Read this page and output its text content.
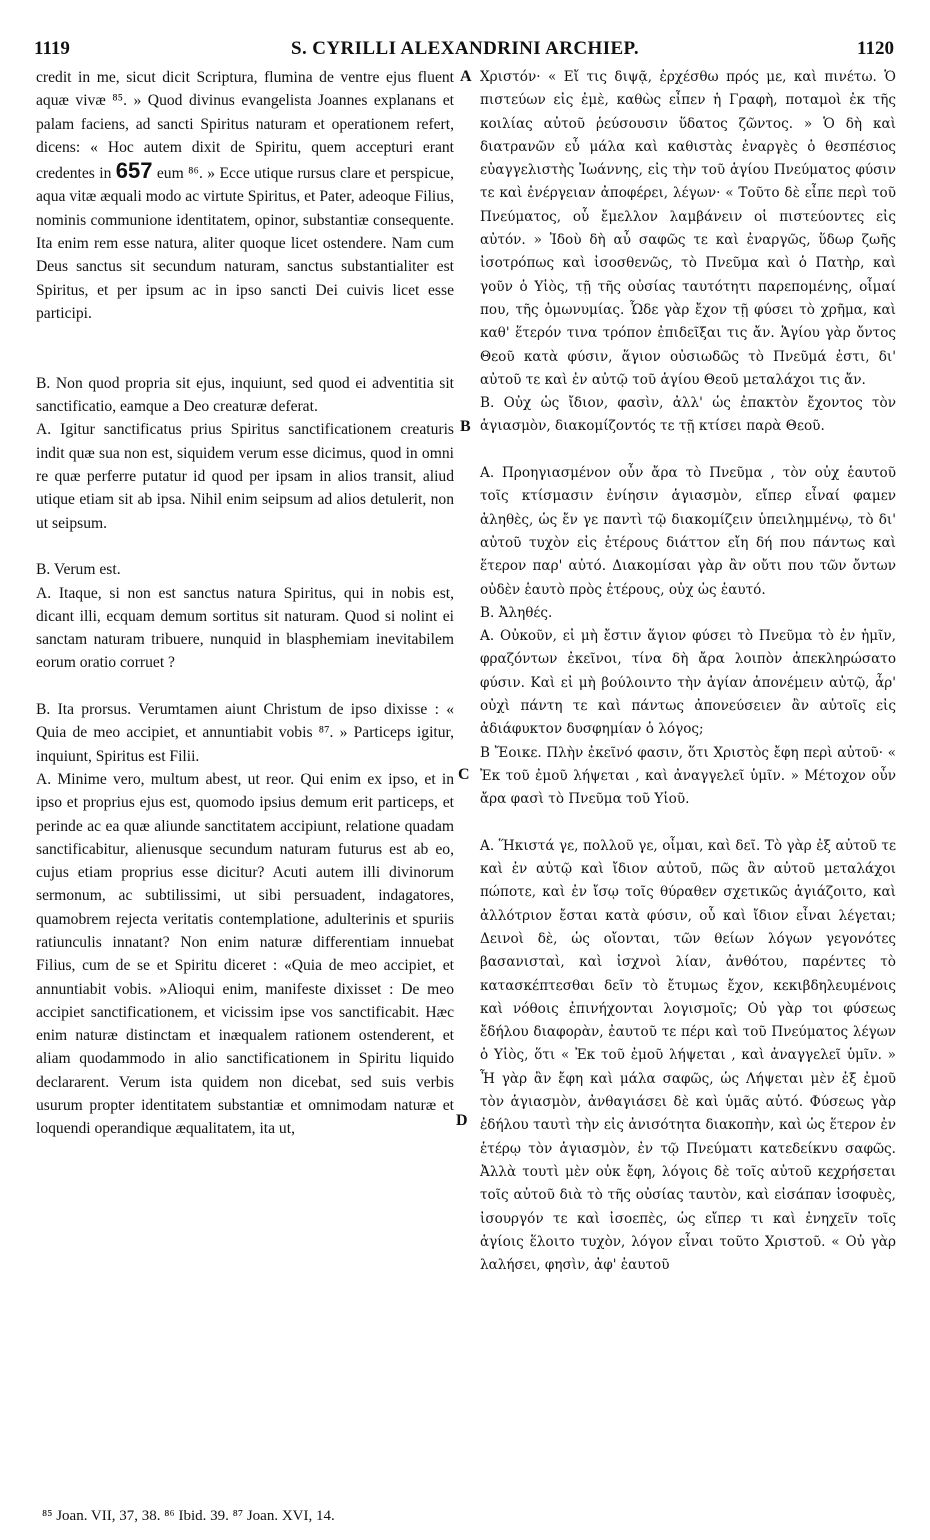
1119	S. CYRILLI ALEXANDRINI ARCHIEP.	1120
A
B
C
D

credit in me, sicut dicit Scriptura, flumina de ventre ejus fluent aquæ vivæ ⁸⁵. » Quod divinus evangelista Joannes explanans et palam faciens, ad sancti Spiritus naturam et operationem refert, dicens: « Hoc autem dixit de Spiritu, quem accepturi erant credentes in 657 eum ⁸⁶. » Ecce utique rursus clare et perspicue, aqua vitæ æquali modo ac virtute Spiritus, et Pater, adeoque Filius, nominis communione identitatem, opinor, substantiæ consequente. Ita enim rem esse natura, aliter quoque licet ostendere. Nam cum Deus sanctus sit secundum naturam, sanctus substantialiter est Spiritus, et per ipsum ac in ipso sancti Dei cuivis licet esse participi.

B. Non quod propria sit ejus, inquiunt, sed quod ei adventitia sit sanctificatio, eamque a Deo creaturæ deferat.

A. Igitur sanctificatus prius Spiritus sanctificationem creaturis indit quæ sua non est, siquidem verum esse dicimus, quod in omni re quæ perferre putatur id quod per ipsam in alios transit, aliud utique etiam sit ab ipsa. Nihil enim seipsum ad alios detulerit, non ut seipsum.

B. Verum est.

A. Itaque, si non est sanctus natura Spiritus, qui in nobis est, dicant illi, ecquam demum sortitus sit naturam. Quod si nolint ei sanctam naturam tribuere, nunquid in blasphemiam inevitabilem eorum oratio corruet ?

B. Ita prorsus. Verumtamen aiunt Christum de ipso dixisse : « Quia de meo accipiet, et annuntiabit vobis ⁸⁷. » Particeps igitur, inquiunt, Spiritus est Filii.

A. Minime vero, multum abest, ut reor. Qui enim ex ipso, et in ipso et proprius ejus est, quomodo ipsius demum erit particeps, et perinde ac ea quæ aliunde sanctitatem accipiunt, relatione quadam sanctificabitur, alienusque secundum naturam futurus est ab eo, cujus etiam proprius esse dicitur? Acuti autem illi divinorum sermonum, ac subtilissimi, ut sibi persuadent, indagatores, quamobrem rejecta veritatis contemplatione, adulterinis et spuriis ratiunculis innatant? Non enim naturæ differentiam innuebat Filius, cum de se et Spiritu diceret : «Quia de meo accipiet, et annuntiabit vobis. »Alioqui enim, manifeste dixisset : De meo accipiet sanctificationem, et vicissim ipse vos sanctificabit. Hæc enim naturæ distinctam et inæqualem rationem ostenderent, et aliam quodammodo in alio sanctificationem in Spiritu liquido declararent. Verum ista quidem non dicebat, sed suis verbis usurum propter identitatem substantiæ et omnimodam naturæ et loquendi operandique æqualitatem, ita ut,

Χριστόν· « Εἴ τις διψᾷ, ἐρχέσθω πρός με, καὶ πινέτω. Ὁ πιστεύων εἰς ἐμὲ, καθὼς εἶπεν ἡ Γραφὴ, ποταμοὶ ἐκ τῆς κοιλίας αὐτοῦ ῥεύσουσιν ὕδατος ζῶντος. » Ὁ δὴ καὶ διατρανῶν εὖ μάλα καὶ καθιστὰς ἐναργὲς ὁ θεσπέσιος εὐαγγελιστὴς Ἰωάννης, εἰς τὴν τοῦ ἁγίου Πνεύματος φύσιν τε καὶ ἐνέργειαν ἀποφέρει, λέγων· « Τοῦτο δὲ εἶπε περὶ τοῦ Πνεύματος, οὗ ἔμελλον λαμβάνειν οἱ πιστεύοντες εἰς αὐτόν. » Ἰδοὺ δὴ αὖ σαφῶς τε καὶ ἐναργῶς, ὕδωρ ζωῆς ἰσοτρόπως καὶ ἰσοσθενῶς, τὸ Πνεῦμα καὶ ὁ Πατὴρ, καὶ γοῦν ὁ Υἱὸς, τῇ τῆς οὐσίας ταυτότητι παρεπομένης, οἶμαί που, τῆς ὁμωνυμίας. Ὧδε γὰρ ἔχον τῇ φύσει τὸ χρῆμα, καὶ καθ' ἕτερόν τινα τρόπον ἐπιδεῖξαι τις ἄν. Ἁγίου γὰρ ὄντος Θεοῦ κατὰ φύσιν, ἅγιον οὐσιωδῶς τὸ Πνεῦμά ἐστι, δι' αὐτοῦ τε καὶ ἐν αὐτῷ τοῦ ἁγίου Θεοῦ μεταλάχοι τις ἄν.

Β. Οὐχ ὡς ἴδιον, φασὶν, ἀλλ' ὡς ἐπακτὸν ἔχοντος τὸν ἁγιασμὸν, διακομίζοντός τε τῇ κτίσει παρὰ Θεοῦ.

Α. Προηγιασμένον οὖν ἄρα τὸ Πνεῦμα , τὸν οὐχ ἑαυτοῦ τοῖς κτίσμασιν ἐνίησιν ἁγιασμὸν, εἴπερ εἶναί φαμεν ἀληθὲς, ὡς ἔν γε παντὶ τῷ διακομίζειν ὑπειλημμένῳ, τὸ δι' αὐτοῦ τυχὸν εἰς ἑτέρους διάττον εἴη δή που πάντως καὶ ἕτερον παρ' αὐτό. Διακομίσαι γὰρ ἂν οὔτι που τῶν ὄντων οὐδὲν ἑαυτὸ πρὸς ἑτέρους, οὐχ ὡς ἑαυτό.

Β. Ἀληθές.

Α. Οὐκοῦν, εἰ μὴ ἔστιν ἅγιον φύσει τὸ Πνεῦμα τὸ ἐν ἡμῖν, φραζόντων ἐκεῖνοι, τίνα δὴ ἄρα λοιπὸν ἀπεκληρώσατο φύσιν. Καὶ εἰ μὴ βούλοιντο τὴν ἁγίαν ἀπονέμειν αὐτῷ, ἆρ' οὐχὶ πάντη τε καὶ πάντως ἀπονεύσειεν ἂν αὐτοῖς εἰς ἀδιάφυκτον δυσφημίαν ὁ λόγος;

Β Ἔοικε. Πλὴν ἐκεῖνό φασιν, ὅτι Χριστὸς ἔφη περὶ αὐτοῦ· « Ἐκ τοῦ ἐμοῦ λήψεται , καὶ ἀναγγελεῖ ὑμῖν. » Μέτοχον οὖν ἄρα φασὶ τὸ Πνεῦμα τοῦ Υἱοῦ.

Α. Ἥκιστά γε, πολλοῦ γε, οἶμαι, καὶ δεῖ. Τὸ γὰρ ἐξ αὐτοῦ τε καὶ ἐν αὐτῷ καὶ ἴδιον αὐτοῦ, πῶς ἂν αὐτοῦ μεταλάχοι πώποτε, καὶ ἐν ἴσῳ τοῖς θύραθεν σχετικῶς ἁγιάζοιτο, καὶ ἀλλότριον ἔσται κατὰ φύσιν, οὗ καὶ ἴδιον εἶναι λέγεται; Δεινοὶ δὲ, ὡς οἴονται, τῶν θείων λόγων γεγονότες βασανισταὶ, καὶ ἰσχνοὶ λίαν, ἀνθότου, παρέντες τὸ κατασκέπτεσθαι δεῖν τὸ ἔτυμως ἔχον, κεκιβδηλευμένοις καὶ νόθοις ἐπινήχονται λογισμοῖς; Οὐ γὰρ τοι φύσεως ἔδήλου διαφορὰν, ἐαυτοῦ τε πέρι καὶ τοῦ Πνεύματος λέγων ὁ Υἱὸς, ὅτι « Ἐκ τοῦ ἐμοῦ λήψεται , καὶ ἀναγγελεῖ ὑμῖν. » Ἦ γὰρ ἂν ἔφη καὶ μάλα σαφῶς, ὡς Λήψεται μὲν ἐξ ἐμοῦ τὸν ἁγιασμὸν, ἀνθαγιάσει δὲ καὶ ὑμᾶς αὐτό. Φύσεως γὰρ ἐδήλου ταυτὶ τὴν εἰς ἀνισότητα διακοπὴν, καὶ ὡς ἕτερον ἐν ἑτέρῳ τὸν ἁγιασμὸν, ἐν τῷ Πνεύματι κατεδείκνυ σαφῶς. Ἀλλὰ τουτὶ μὲν οὐκ ἔφη, λόγοις δὲ τοῖς αὐτοῦ κεχρήσεται τοῖς αὐτοῦ διὰ τὸ τῆς οὐσίας ταυτὸν, καὶ εἰσάπαν ἰσοφυὲς, ἰσουργόν τε καὶ ἰσοεπὲς, ὡς εἴπερ τι καὶ ἐνηχεῖν τοῖς ἁγίοις ἕλοιτο τυχὸν, λόγον εἶναι τοῦτο Χριστοῦ. « Οὐ γὰρ λαλήσει, φησὶν, ἀφ' ἑαυτοῦ

⁸⁵ Joan. VII, 37, 38. ⁸⁶ Ibid. 39. ⁸⁷ Joan. XVI, 14.
